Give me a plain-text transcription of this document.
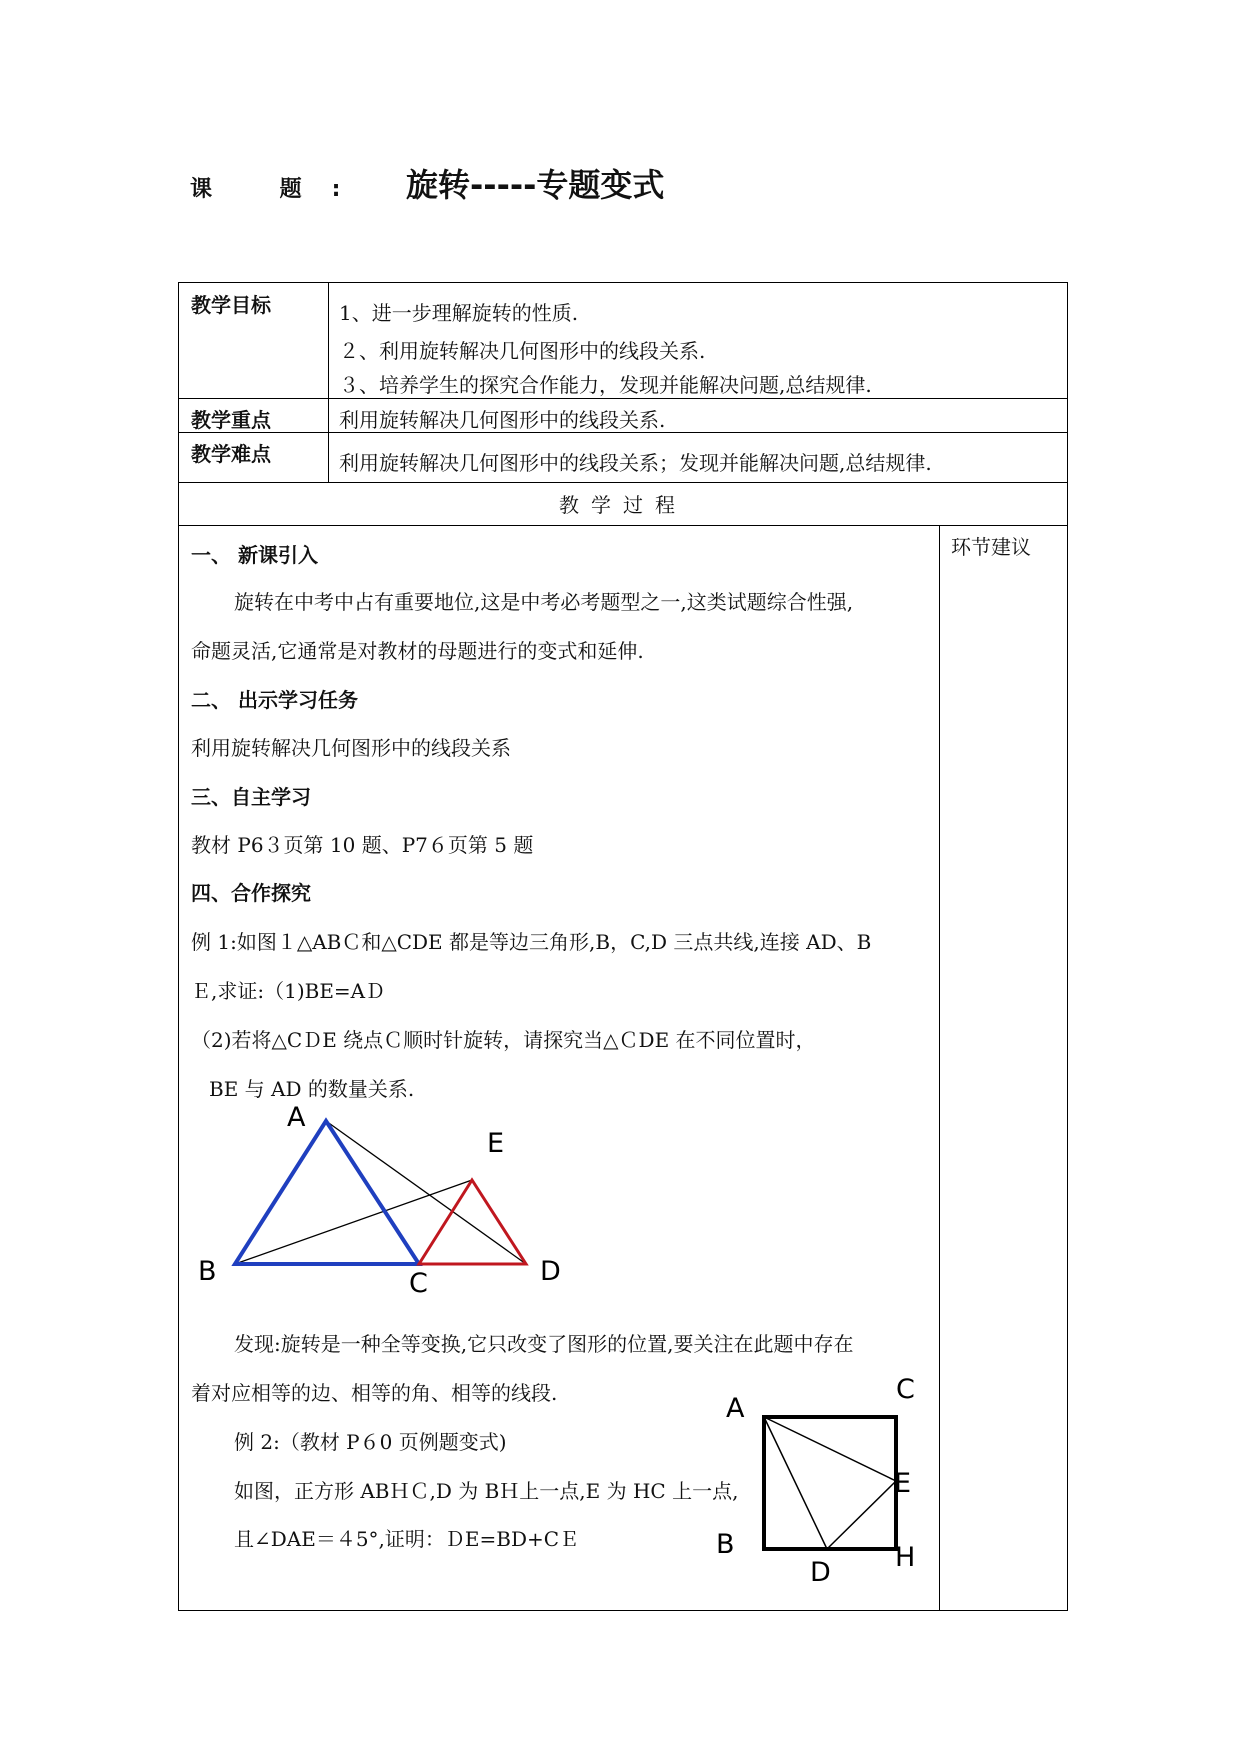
课 题: 旋转-----专题变式
教学目标	1、进一步理解旋转的性质.
２、利用旋转解决几何图形中的线段关系.
３、培养学生的探究合作能力，发现并能解决问题,总结规律.
教学重点	利用旋转解决几何图形中的线段关系.
教学难点	利用旋转解决几何图形中的线段关系；发现并能解决问题,总结规律.
教学过程
环节建议
一、 新课引入
旋转在中考中占有重要地位,这是中考必考题型之一,这类试题综合性强,
命题灵活,它通常是对教材的母题进行的变式和延伸.
二、 出示学习任务
利用旋转解决几何图形中的线段关系
三、自主学习
教材 P6３页第 10 题、P7６页第 5 题
四、合作探究
例 1:如图１△ABＣ和△CDE 都是等边三角形,B，C,D 三点共线,连接 AD、B
Ｅ,求证:（1)BE=AＤ
（2)若将△CＤE 绕点Ｃ顺时针旋转，请探究当△ＣDE 在不同位置时，
BE 与 AD 的数量关系.
发现:旋转是一种全等变换,它只改变了图形的位置,要关注在此题中存在
着对应相等的边、相等的角、相等的线段.
例 2:（教材 P６0 页例题变式)
如图，正方形 ABＨＣ,D 为 BＨ上一点,E 为 HC 上一点,
且∠DAE＝４5°,证明：ＤE=BD+CＥ
A
B	C	D
E
A
C
E
B	H
D
